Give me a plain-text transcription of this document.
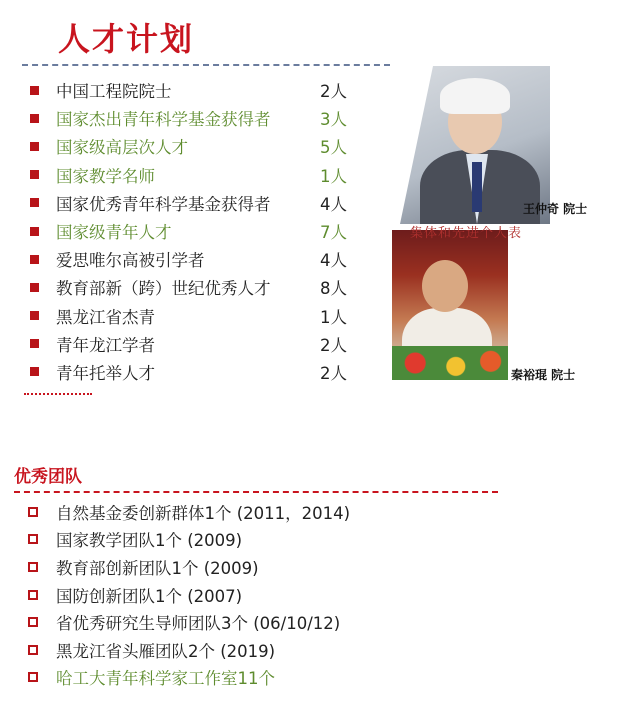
人才计划
中国工程院院士	2人
国家杰出青年科学基金获得者	3人
国家级高层次人才	5人
国家教学名师	1人
国家优秀青年科学基金获得者	4人
国家级青年人才	7人
爱思唯尔高被引学者	4人
教育部新（跨）世纪优秀人才	8人
黑龙江省杰青	1人
青年龙江学者	2人
青年托举人才	2人
王仲奇 院士
集体和先进个人表
秦裕琨 院士
优秀团队
自然基金委创新群体1个 (2011，2014)
国家教学团队1个 (2009)
教育部创新团队1个 (2009)
国防创新团队1个 (2007)
省优秀研究生导师团队3个 (06/10/12)
黑龙江省头雁团队2个 (2019)
哈工大青年科学家工作室11个
